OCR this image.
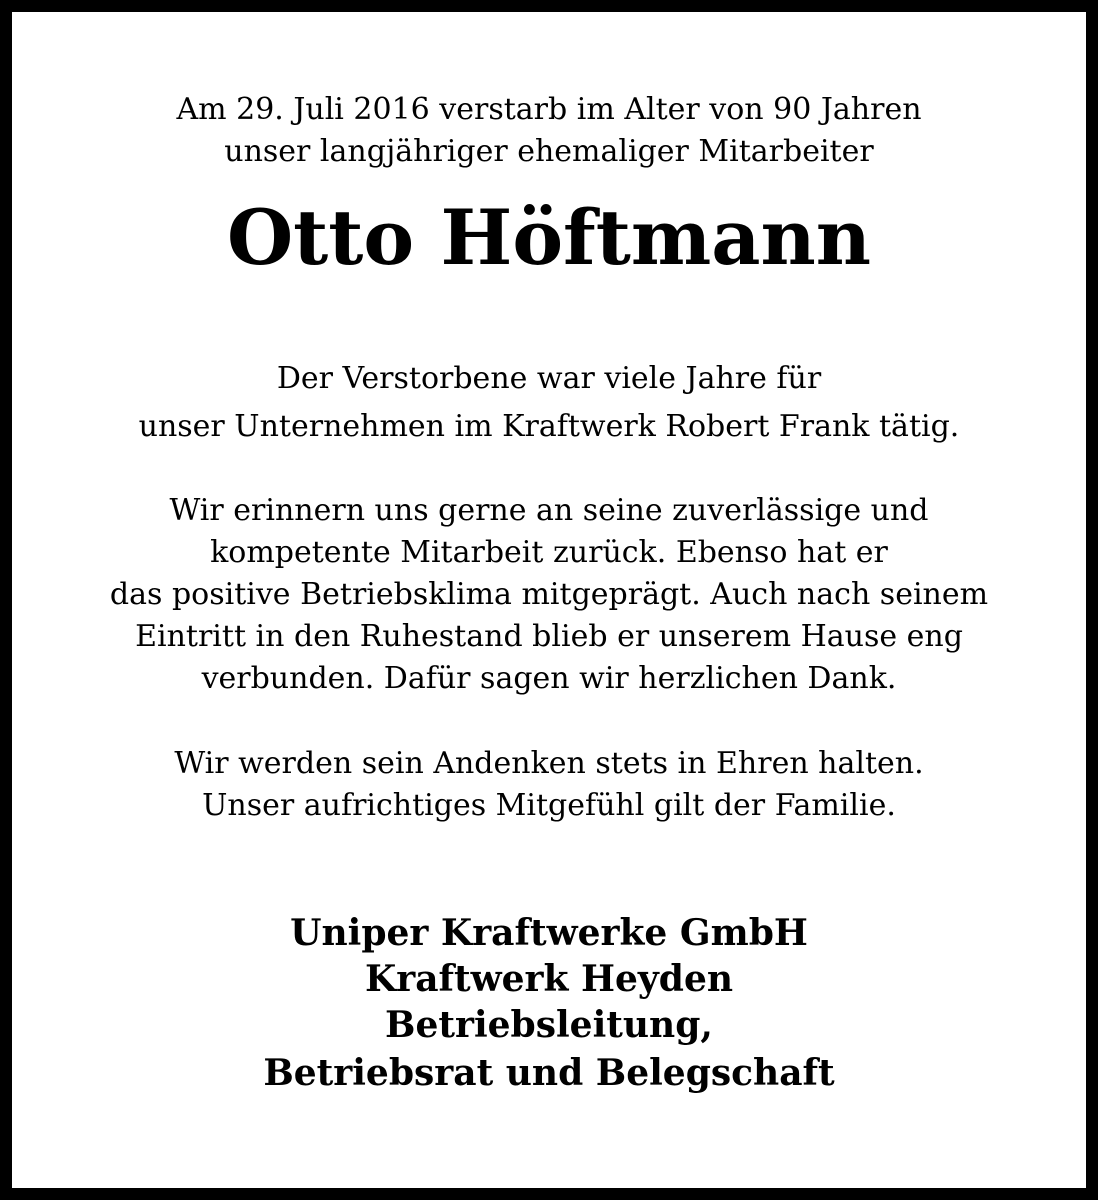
Am 29. Juli 2016 verstarb im Alter von 90 Jahren
unser langjähriger ehemaliger Mitarbeiter
Otto Höftmann
Der Verstorbene war viele Jahre für
unser Unternehmen im Kraftwerk Robert Frank tätig.
Wir erinnern uns gerne an seine zuverlässige und
kompetente Mitarbeit zurück. Ebenso hat er
das positive Betriebsklima mitgeprägt. Auch nach seinem
Eintritt in den Ruhestand blieb er unserem Hause eng
verbunden. Dafür sagen wir herzlichen Dank.
Wir werden sein Andenken stets in Ehren halten.
Unser aufrichtiges Mitgefühl gilt der Familie.
Uniper Kraftwerke GmbH
Kraftwerk Heyden
Betriebsleitung,
Betriebsrat und Belegschaft
